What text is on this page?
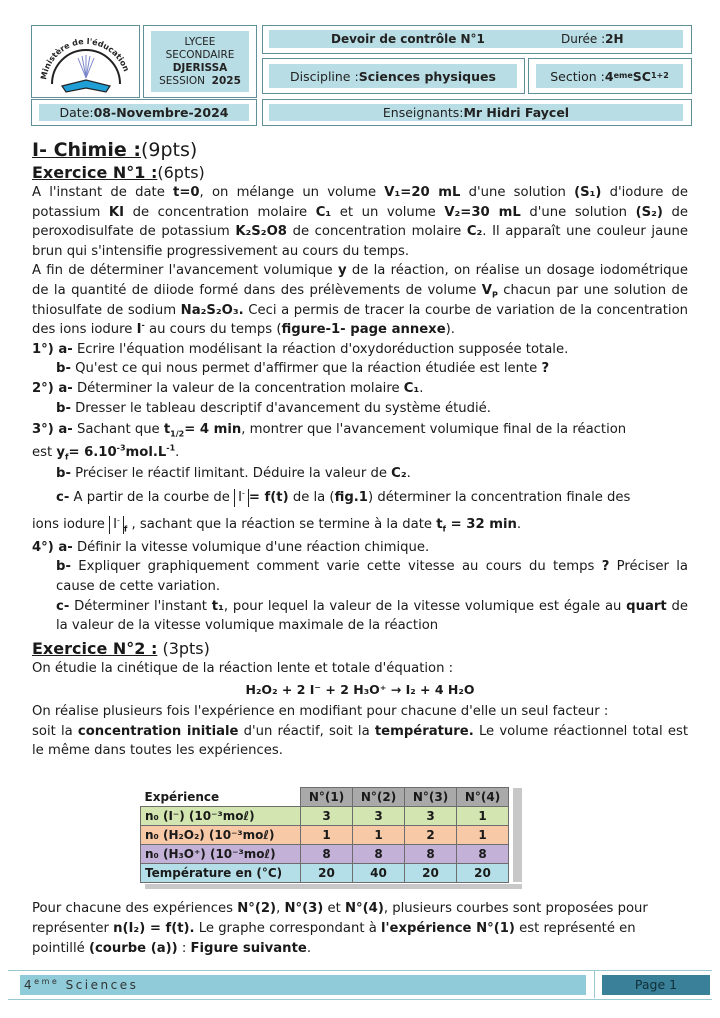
Ministère de l'éducation
LYCEE
SECONDAIRE
DJERISSA
SESSION 2025
Devoir de contrôle N°1	Durée :2H
Discipline : Sciences physiques	Section : 4 eme SC 1+2
Date: 08-Novembre-2024	Enseignants: Mr Hidri Faycel

I- Chimie :(9pts)

Exercice N°1 :(6pts)

A l'instant de date t=0, on mélange un volume V₁=20 mL d'une solution (S₁) d'iodure de potassium KI de concentration molaire C₁ et un volume V₂=30 mL d'une solution (S₂) de peroxodisulfate de potassium K₂S₂O8 de concentration molaire C₂. Il apparaît une couleur jaune brun qui s'intensifie progressivement au cours du temps.

A fin de déterminer l'avancement volumique y de la réaction, on réalise un dosage iodométrique de la quantité de diiode formé dans des prélèvements de volume $V_P$ chacun par une solution de thiosulfate de sodium Na₂S₂O₃. Ceci a permis de tracer la courbe de variation de la concentration des ions iodure I- au cours du temps (figure-1- page annexe).

1°) a- Ecrire l'équation modélisant la réaction d'oxydoréduction supposée totale.

b- Qu'est ce qui nous permet d'affirmer que la réaction étudiée est lente ?

2°) a- Déterminer la valeur de la concentration molaire C₁.

b- Dresser le tableau descriptif d'avancement du système étudié.

3°) a- Sachant que $t_{1/2}= 4$ min, montrer que l'avancement volumique final de la réaction

est $y_f= 6.10^{-3}mol.L^{-1}$.

b- Préciser le réactif limitant. Déduire la valeur de C₂.

c- A partir de la courbe de I- = f(t) de la (fig.1) déterminer la concentration finale des

ions iodure $I^-_f$ , sachant que la réaction se termine à la date $t_f = 32$ min.

4°) a- Définir la vitesse volumique d'une réaction chimique.

b- Expliquer graphiquement comment varie cette vitesse au cours du temps ? Préciser la cause de cette variation.

c- Déterminer l'instant t₁, pour lequel la valeur de la vitesse volumique est égale au quart de la valeur de la vitesse volumique maximale de la réaction

Exercice N°2 : (3pts)

On étudie la cinétique de la réaction lente et totale d'équation :

H₂O₂ + 2 I⁻ + 2 H₃O⁺ → I₂ + 4 H₂O

On réalise plusieurs fois l'expérience en modifiant pour chacune d'elle un seul facteur :

soit la concentration initiale d'un réactif, soit la température. Le volume réactionnel total est le même dans toutes les expériences.

Expérience	N°(1)	N°(2)	N°(3)	N°(4)
n₀ (I⁻) (10⁻³moℓ)	3	3	3	1
n₀ (H₂O₂) (10⁻³moℓ)	1	1	2	1
n₀ (H₃O⁺) (10⁻³moℓ)	8	8	8	8
Température en (°C)	20	40	20	20
Pour chacune des expériences N°(2), N°(3) et N°(4), plusieurs courbes sont proposées pour représenter n(I₂) = f(t). Le graphe correspondant à l'expérience N°(1) est représenté en pointillé (courbe (a)) : Figure suivante.
4eme Sciences	Page 1
